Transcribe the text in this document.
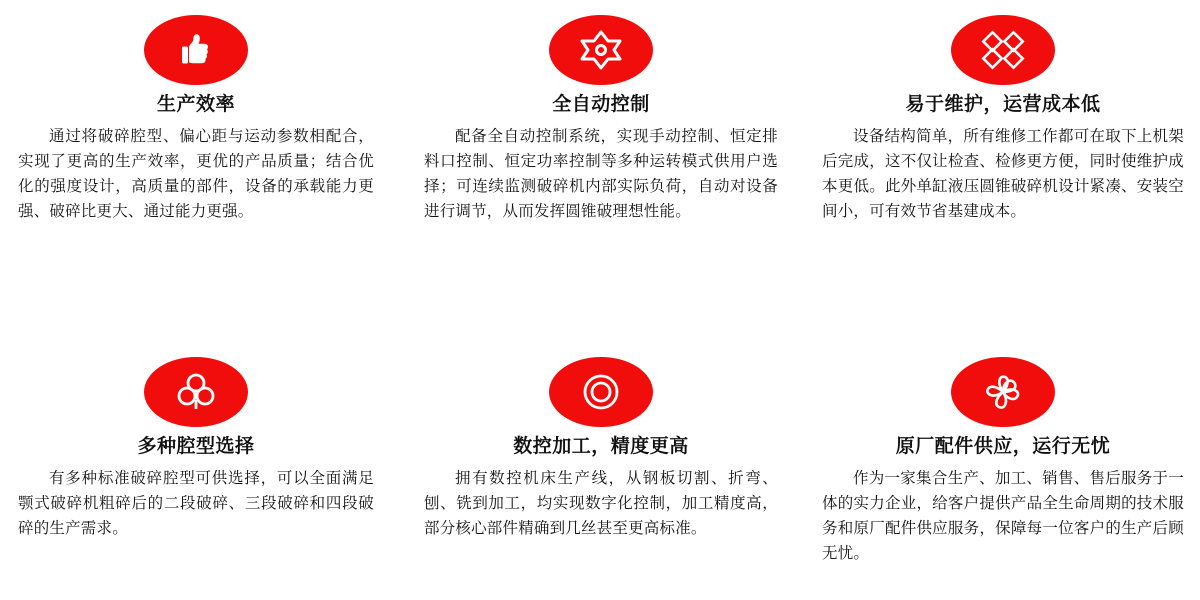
生产效率
通过将破碎腔型、偏心距与运动参数相配合，实现了更高的生产效率，更优的产品质量；结合优化的强度设计，高质量的部件，设备的承载能力更强、破碎比更大、通过能力更强。
全自动控制
配备全自动控制系统，实现手动控制、恒定排料口控制、恒定功率控制等多种运转模式供用户选择；可连续监测破碎机内部实际负荷，自动对设备进行调节，从而发挥圆锥破理想性能。
易于维护，运营成本低
设备结构简单，所有维修工作都可在取下上机架后完成，这不仅让检查、检修更方便，同时使维护成本更低。此外单缸液压圆锥破碎机设计紧凑、安装空间小，可有效节省基建成本。
多种腔型选择
有多种标准破碎腔型可供选择，可以全面满足颚式破碎机粗碎后的二段破碎、三段破碎和四段破碎的生产需求。
数控加工，精度更高
拥有数控机床生产线，从钢板切割、折弯、刨、铣到加工，均实现数字化控制，加工精度高，部分核心部件精确到几丝甚至更高标准。
原厂配件供应，运行无忧
作为一家集合生产、加工、销售、售后服务于一体的实力企业，给客户提供产品全生命周期的技术服务和原厂配件供应服务，保障每一位客户的生产后顾无忧。
